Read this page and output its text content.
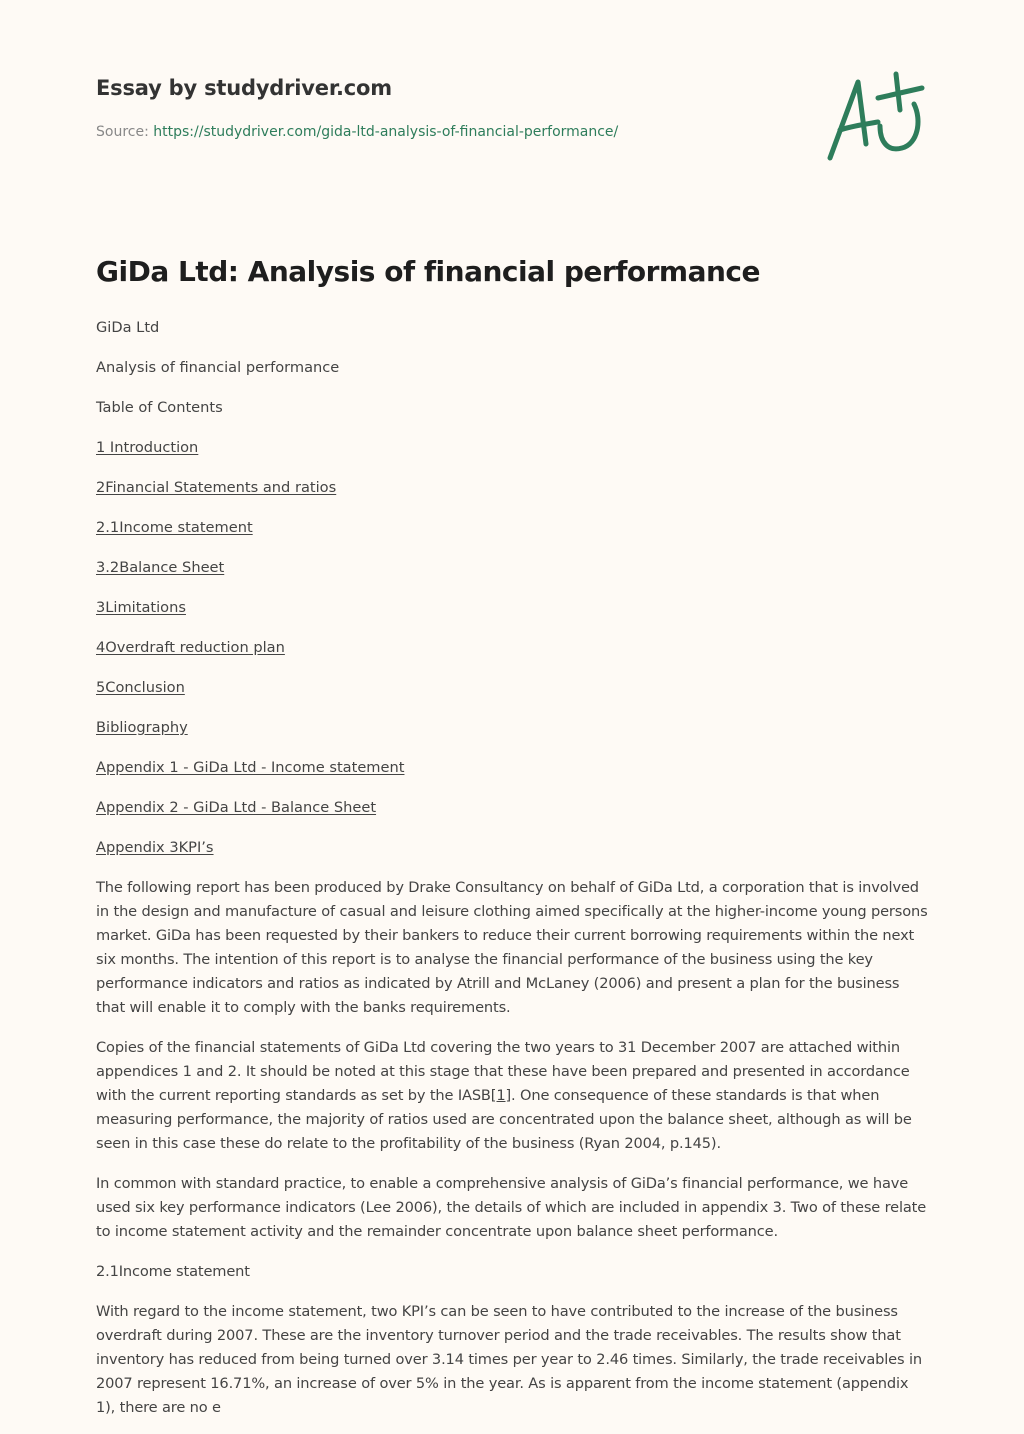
Essay by studydriver.com
Source: https://studydriver.com/gida-ltd-analysis-of-financial-performance/
GiDa Ltd: Analysis of financial performance

GiDa Ltd

Analysis of financial performance

Table of Contents

1 Introduction

2Financial Statements and ratios

2.1Income statement

3.2Balance Sheet

3Limitations

4Overdraft reduction plan

5Conclusion

Bibliography

Appendix 1 - GiDa Ltd - Income statement

Appendix 2 - GiDa Ltd - Balance Sheet

Appendix 3KPI’s

The following report has been produced by Drake Consultancy on behalf of GiDa Ltd, a corporation that is involved in the design and manufacture of casual and leisure clothing aimed specifically at the higher-income young persons market. GiDa has been requested by their bankers to reduce their current borrowing requirements within the next six months. The intention of this report is to analyse the financial performance of the business using the key performance indicators and ratios as indicated by Atrill and McLaney (2006) and present a plan for the business that will enable it to comply with the banks requirements.

Copies of the financial statements of GiDa Ltd covering the two years to 31 December 2007 are attached within appendices 1 and 2. It should be noted at this stage that these have been prepared and presented in accordance with the current reporting standards as set by the IASB[1]. One consequence of these standards is that when measuring performance, the majority of ratios used are concentrated upon the balance sheet, although as will be seen in this case these do relate to the profitability of the business (Ryan 2004, p.145).

In common with standard practice, to enable a comprehensive analysis of GiDa’s financial performance, we have used six key performance indicators (Lee 2006), the details of which are included in appendix 3. Two of these relate to income statement activity and the remainder concentrate upon balance sheet performance.

2.1Income statement

With regard to the income statement, two KPI’s can be seen to have contributed to the increase of the business overdraft during 2007. These are the inventory turnover period and the trade receivables. The results show that inventory has reduced from being turned over 3.14 times per year to 2.46 times. Similarly, the trade receivables in 2007 represent 16.71%, an increase of over 5% in the year. As is apparent from the income statement (appendix 1), there are no e
